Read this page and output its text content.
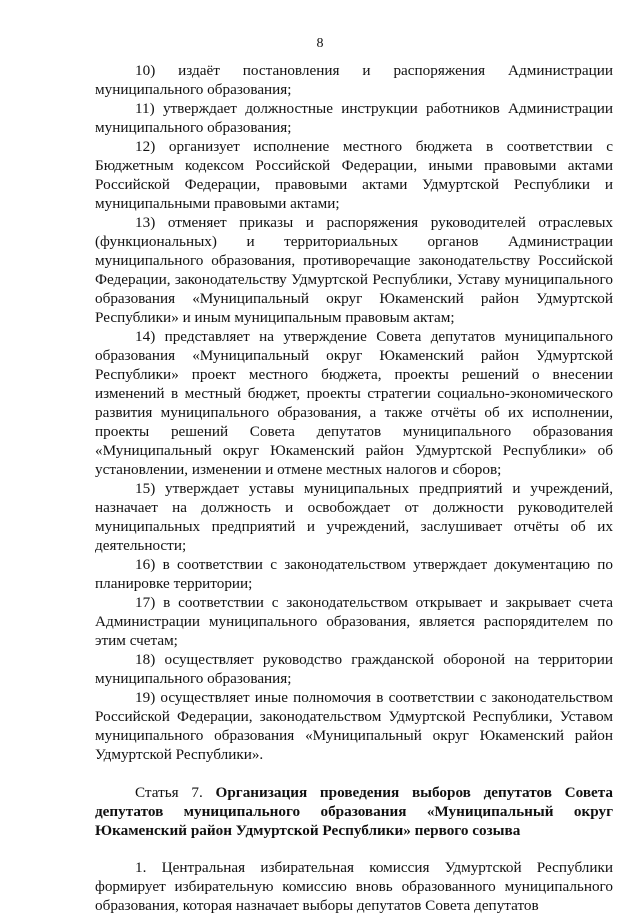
8

10) издаёт постановления и распоряжения Администрации муниципального образования;

11) утверждает должностные инструкции работников Администрации муниципального образования;

12) организует исполнение местного бюджета в соответствии с Бюджетным кодексом Российской Федерации, иными правовыми актами Российской Федерации, правовыми актами Удмуртской Республики и муниципальными правовыми актами;

13) отменяет приказы и распоряжения руководителей отраслевых (функциональных) и территориальных органов Администрации муниципального образования, противоречащие законодательству Российской Федерации, законодательству Удмуртской Республики, Уставу муниципального образования «Муниципальный округ Юкаменский район Удмуртской Республики» и иным муниципальным правовым актам;

14) представляет на утверждение Совета депутатов муниципального образования «Муниципальный округ Юкаменский район Удмуртской Республики» проект местного бюджета, проекты решений о внесении изменений в местный бюджет, проекты стратегии социально-экономического развития муниципального образования, а также отчёты об их исполнении, проекты решений Совета депутатов муниципального образования «Муниципальный округ Юкаменский район Удмуртской Республики» об установлении, изменении и отмене местных налогов и сборов;

15) утверждает уставы муниципальных предприятий и учреждений, назначает на должность и освобождает от должности руководителей муниципальных предприятий и учреждений, заслушивает отчёты об их деятельности;

16) в соответствии с законодательством утверждает документацию по планировке территории;

17) в соответствии с законодательством открывает и закрывает счета Администрации муниципального образования, является распорядителем по этим счетам;

18) осуществляет руководство гражданской обороной на территории муниципального образования;

19) осуществляет иные полномочия в соответствии с законодательством Российской Федерации, законодательством Удмуртской Республики, Уставом муниципального образования «Муниципальный округ Юкаменский район Удмуртской Республики».

Статья 7. Организация проведения выборов депутатов Совета депутатов муниципального образования «Муниципальный округ Юкаменский район Удмуртской Республики» первого созыва

1. Центральная избирательная комиссия Удмуртской Республики формирует избирательную комиссию вновь образованного муниципального образования, которая назначает выборы депутатов Совета депутатов
